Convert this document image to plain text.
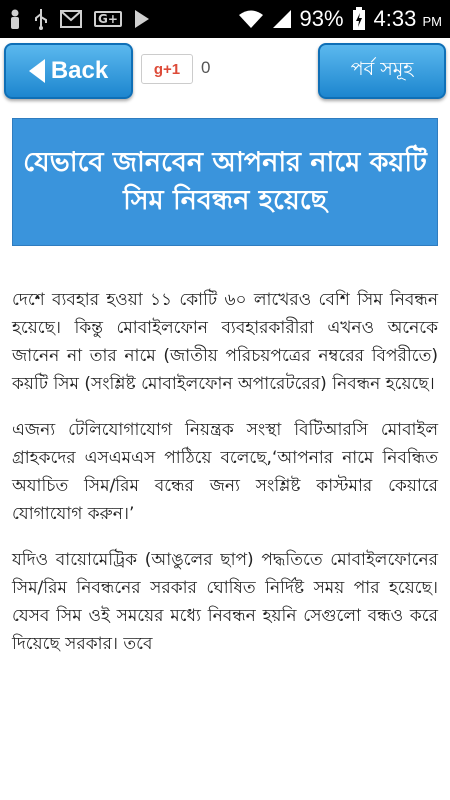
G+	93% 4:33 PM
Back	g+1	0	পর্ব সমূহ
যেভাবে জানবেন আপনার নামে কয়টি সিম নিবন্ধন হয়েছে

দেশে ব্যবহার হওয়া ১১ কোটি ৬০ লাখেরও বেশি সিম নিবন্ধন হয়েছে। কিন্তু মোবাইলফোন ব্যবহারকারীরা এখনও অনেকে জানেন না তার নামে (জাতীয় পরিচয়পত্রের নম্বরের বিপরীতে) কয়টি সিম (সংশ্লিষ্ট মোবাইলফোন অপারেটরের) নিবন্ধন হয়েছে।

এজন্য টেলিযোগাযোগ নিয়ন্ত্রক সংস্থা বিটিআরসি মোবাইল গ্রাহকদের এসএমএস পাঠিয়ে বলেছে,‘আপনার নামে নিবন্ধিত অযাচিত সিম/রিম বন্ধের জন্য সংশ্লিষ্ট কাস্টমার কেয়ারে যোগাযোগ করুন।’

যদিও বায়োমেট্রিক (আঙুলের ছাপ) পদ্ধতিতে মোবাইলফোনের সিম/রিম নিবন্ধনের সরকার ঘোষিত নির্দিষ্ট সময় পার হয়েছে। যেসব সিম ওই সময়ের মধ্যে নিবন্ধন হয়নি সেগুলো বন্ধও করে দিয়েছে সরকার। তবে
